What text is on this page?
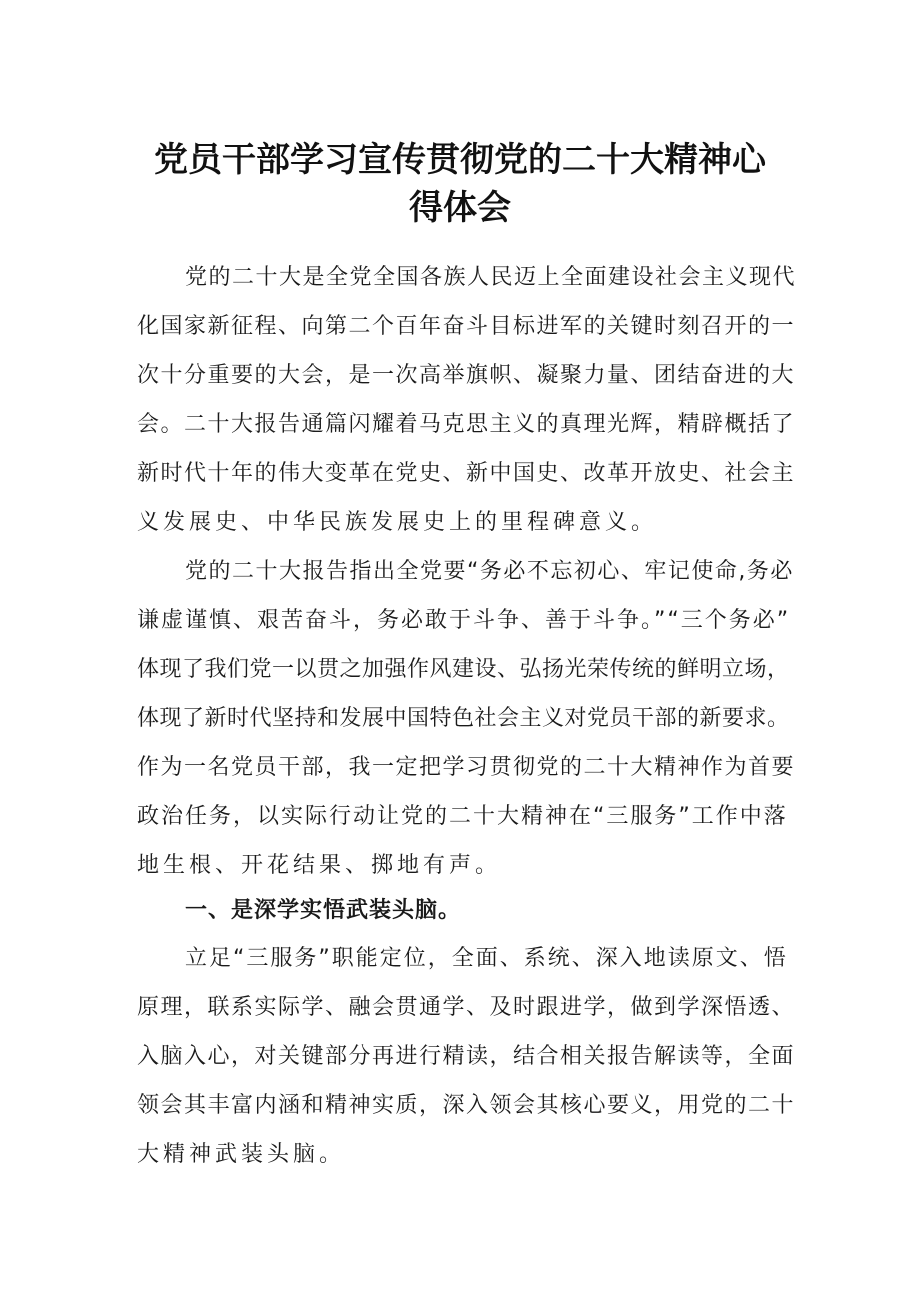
党员干部学习宣传贯彻党的二十大精神心
得体会
党的二十大是全党全国各族人民迈上全面建设社会主义现代
化国家新征程、向第二个百年奋斗目标进军的关键时刻召开的一
次十分重要的大会，是一次高举旗帜、凝聚力量、团结奋进的大
会。二十大报告通篇闪耀着马克思主义的真理光辉，精辟概括了
新时代十年的伟大变革在党史、新中国史、改革开放史、社会主
义发展史、中华民族发展史上的里程碑意义。
党的二十大报告指出全党要“务必不忘初心、牢记使命,务必
谦虚谨慎、艰苦奋斗，务必敢于斗争、善于斗争。”“三个务必”
体现了我们党一以贯之加强作风建设、弘扬光荣传统的鲜明立场，
体现了新时代坚持和发展中国特色社会主义对党员干部的新要求。
作为一名党员干部，我一定把学习贯彻党的二十大精神作为首要
政治任务，以实际行动让党的二十大精神在“三服务”工作中落
地生根、开花结果、掷地有声。
一、是深学实悟武装头脑。
立足“三服务”职能定位，全面、系统、深入地读原文、悟
原理，联系实际学、融会贯通学、及时跟进学，做到学深悟透、
入脑入心，对关键部分再进行精读，结合相关报告解读等，全面
领会其丰富内涵和精神实质，深入领会其核心要义，用党的二十
大精神武装头脑。
